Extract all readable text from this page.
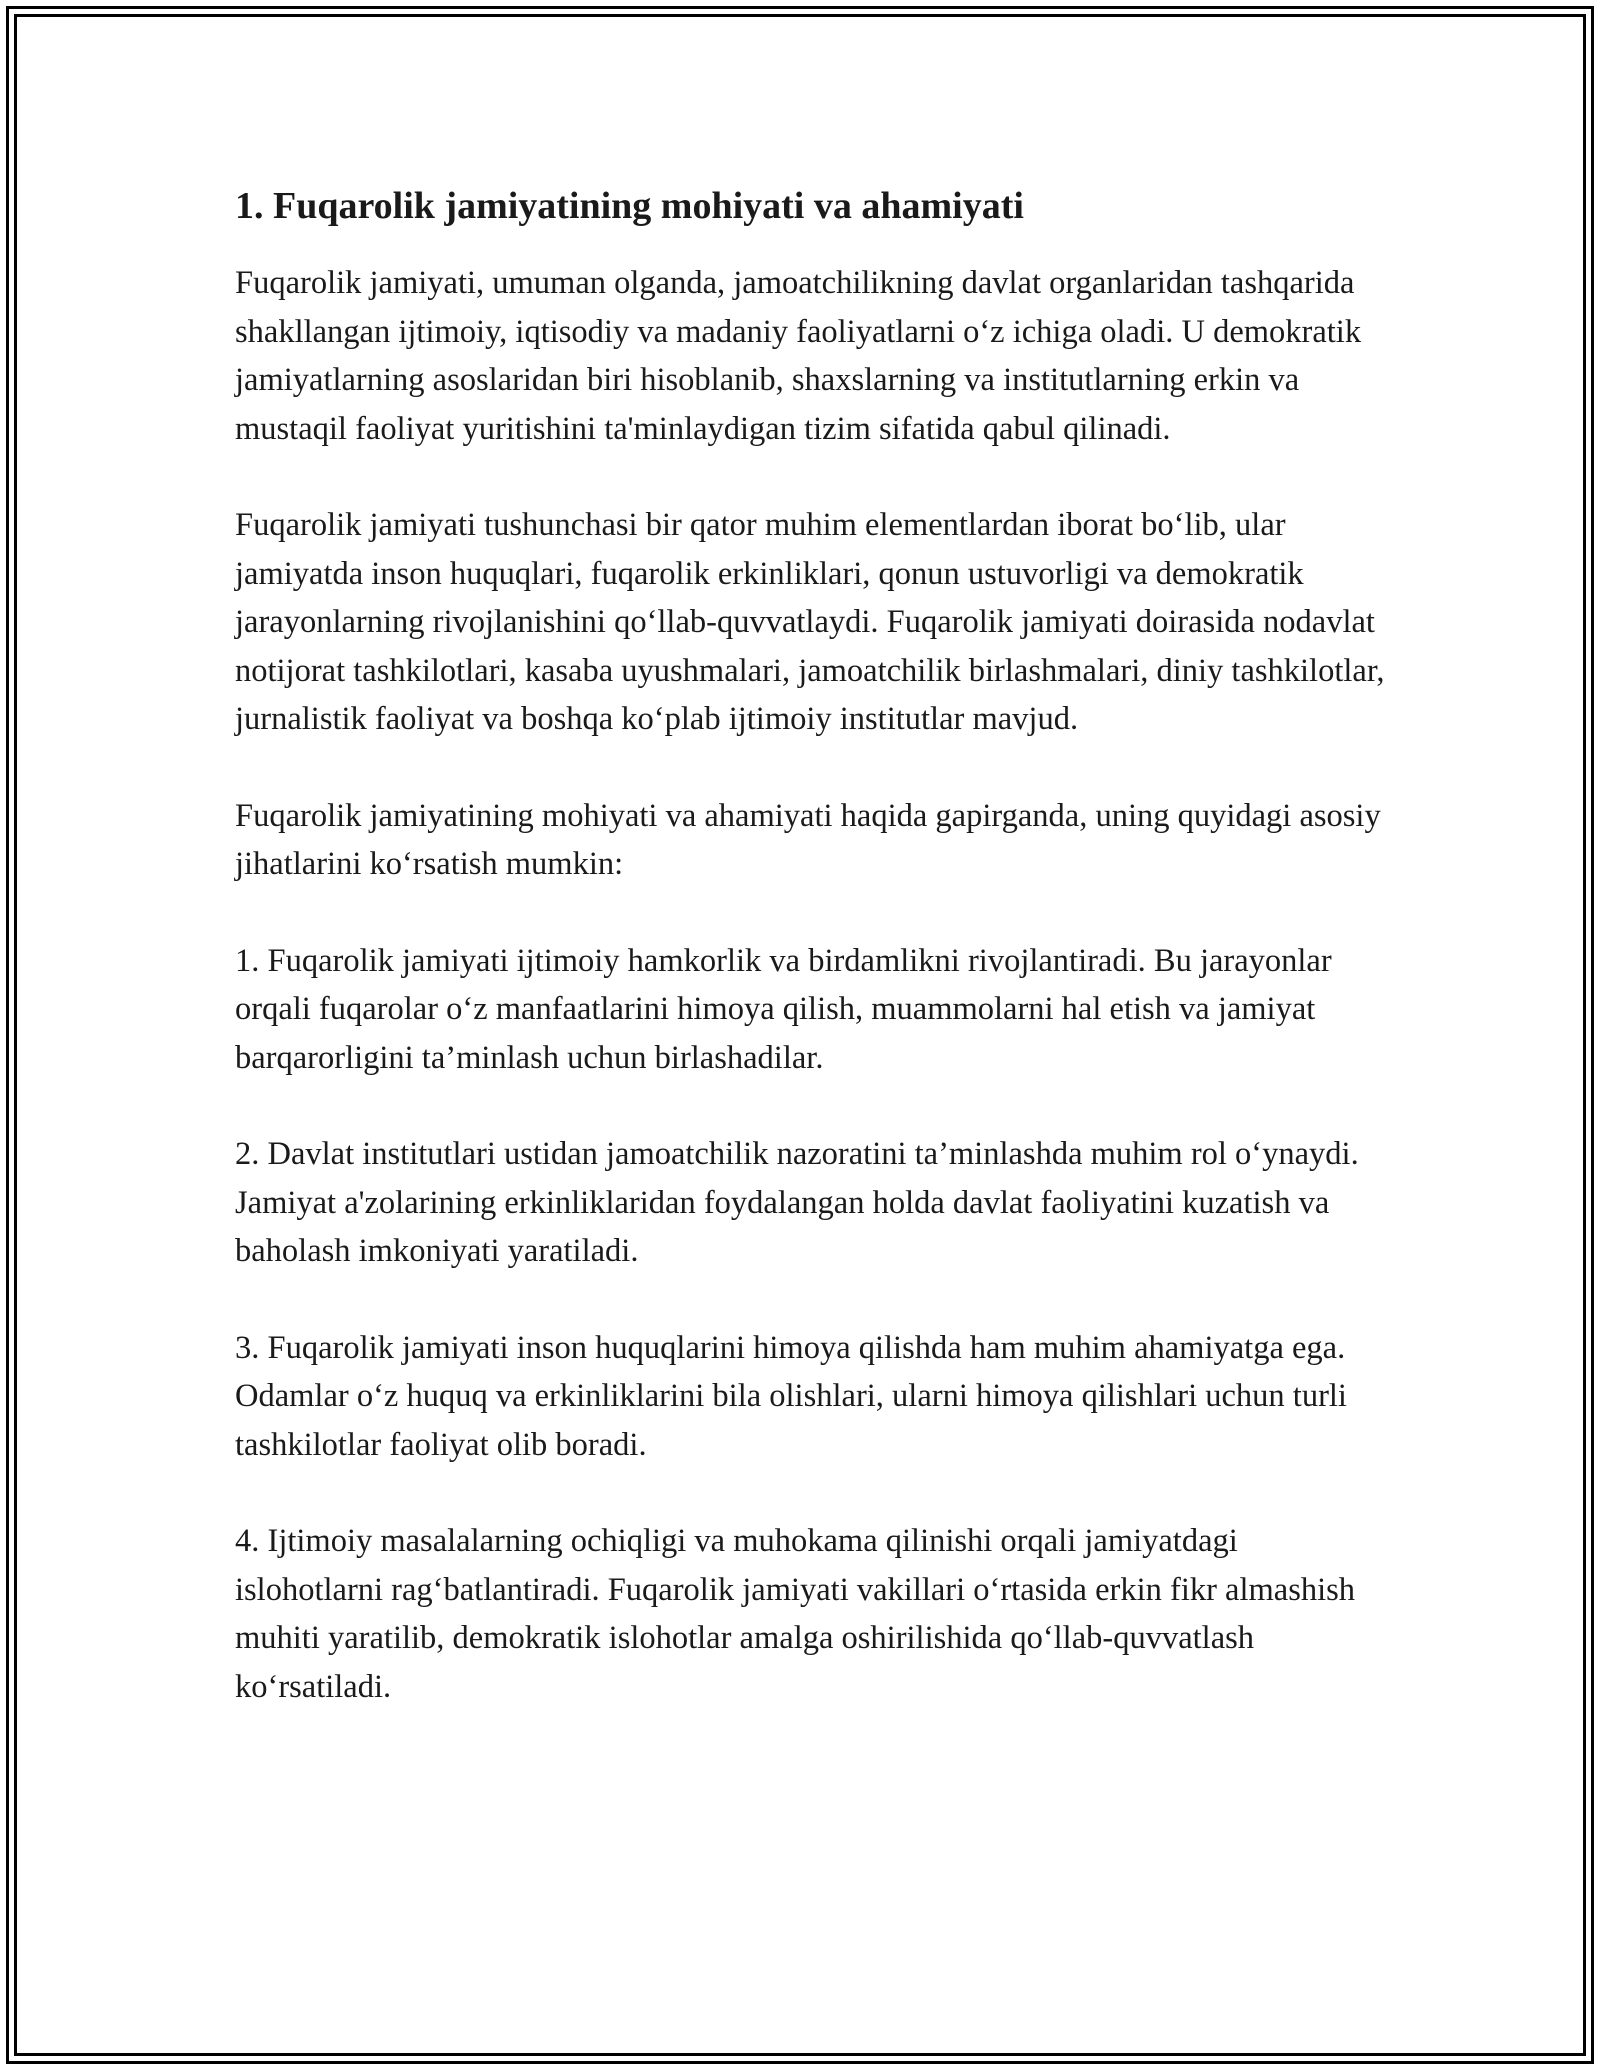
1. Fuqarolik jamiyatining mohiyati va ahamiyati

Fuqarolik jamiyati, umuman olganda, jamoatchilikning davlat organlaridan tashqarida shakllangan ijtimoiy, iqtisodiy va madaniy faoliyatlarni o‘z ichiga oladi. U demokratik jamiyatlarning asoslaridan biri hisoblanib, shaxslarning va institutlarning erkin va mustaqil faoliyat yuritishini ta'minlaydigan tizim sifatida qabul qilinadi.

Fuqarolik jamiyati tushunchasi bir qator muhim elementlardan iborat bo‘lib, ular jamiyatda inson huquqlari, fuqarolik erkinliklari, qonun ustuvorligi va demokratik jarayonlarning rivojlanishini qo‘llab-quvvatlaydi. Fuqarolik jamiyati doirasida nodavlat notijorat tashkilotlari, kasaba uyushmalari, jamoatchilik birlashmalari, diniy tashkilotlar, jurnalistik faoliyat va boshqa ko‘plab ijtimoiy institutlar mavjud.

Fuqarolik jamiyatining mohiyati va ahamiyati haqida gapirganda, uning quyidagi asosiy jihatlarini ko‘rsatish mumkin:

1. Fuqarolik jamiyati ijtimoiy hamkorlik va birdamlikni rivojlantiradi. Bu jarayonlar orqali fuqarolar o‘z manfaatlarini himoya qilish, muammolarni hal etish va jamiyat barqarorligini ta’minlash uchun birlashadilar.

2. Davlat institutlari ustidan jamoatchilik nazoratini ta’minlashda muhim rol o‘ynaydi. Jamiyat a'zolarining erkinliklaridan foydalangan holda davlat faoliyatini kuzatish va baholash imkoniyati yaratiladi.

3. Fuqarolik jamiyati inson huquqlarini himoya qilishda ham muhim ahamiyatga ega. Odamlar o‘z huquq va erkinliklarini bila olishlari, ularni himoya qilishlari uchun turli tashkilotlar faoliyat olib boradi.

4. Ijtimoiy masalalarning ochiqligi va muhokama qilinishi orqali jamiyatdagi islohotlarni rag‘batlantiradi. Fuqarolik jamiyati vakillari o‘rtasida erkin fikr almashish muhiti yaratilib, demokratik islohotlar amalga oshirilishida qo‘llab-quvvatlash ko‘rsatiladi.
